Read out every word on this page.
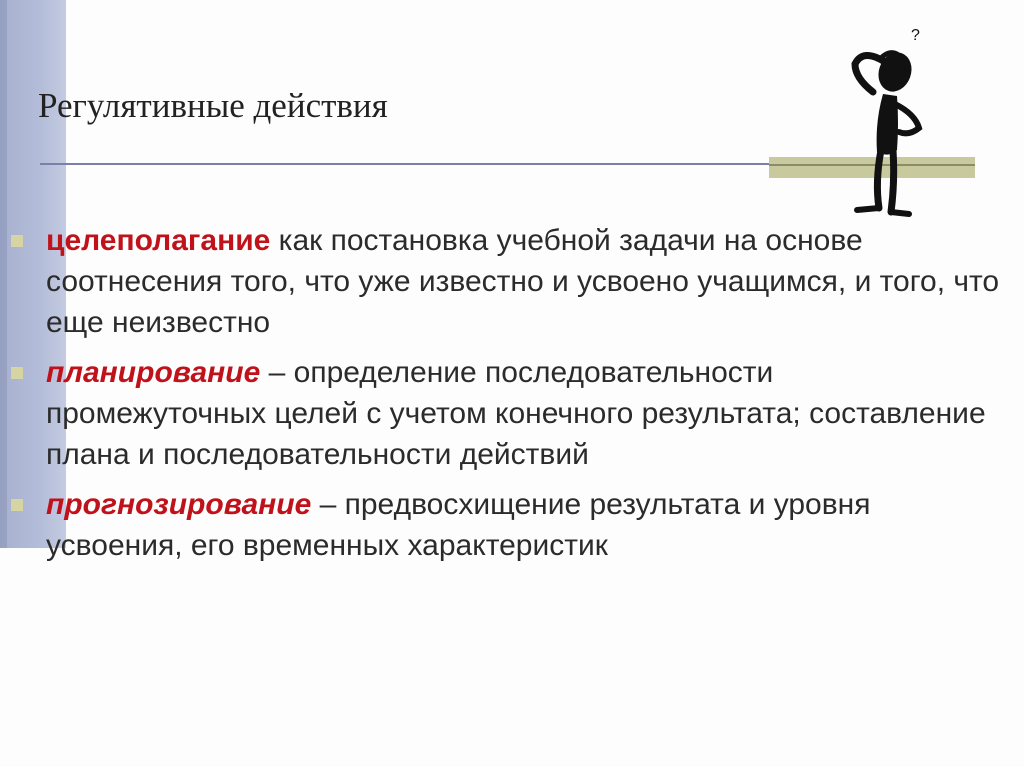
Регулятивные действия
?
целеполагание как постановка учебной задачи на основе соотнесения того, что уже известно и усвоено учащимся, и того, что еще неизвестно
планирование – определение последовательности промежуточных целей с учетом конечного результата; составление плана и последовательности действий
прогнозирование – предвосхищение результата и уровня усвоения, его временных характеристик
